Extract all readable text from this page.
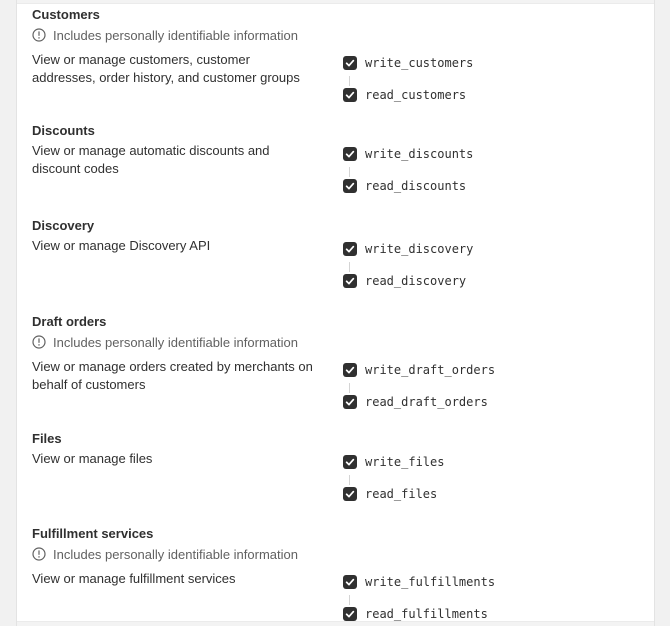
Customers
Includes personally identifiable information
View or manage customers, customer addresses, order history, and customer groups
write_customers
read_customers
Discounts
View or manage automatic discounts and discount codes
write_discounts
read_discounts
Discovery
View or manage Discovery API	write_discovery
read_discovery
Draft orders
Includes personally identifiable information
View or manage orders created by merchants on behalf of customers
write_draft_orders
read_draft_orders
Files
View or manage files	write_files
read_files
Fulfillment services
Includes personally identifiable information
View or manage fulfillment services	write_fulfillments
read_fulfillments
